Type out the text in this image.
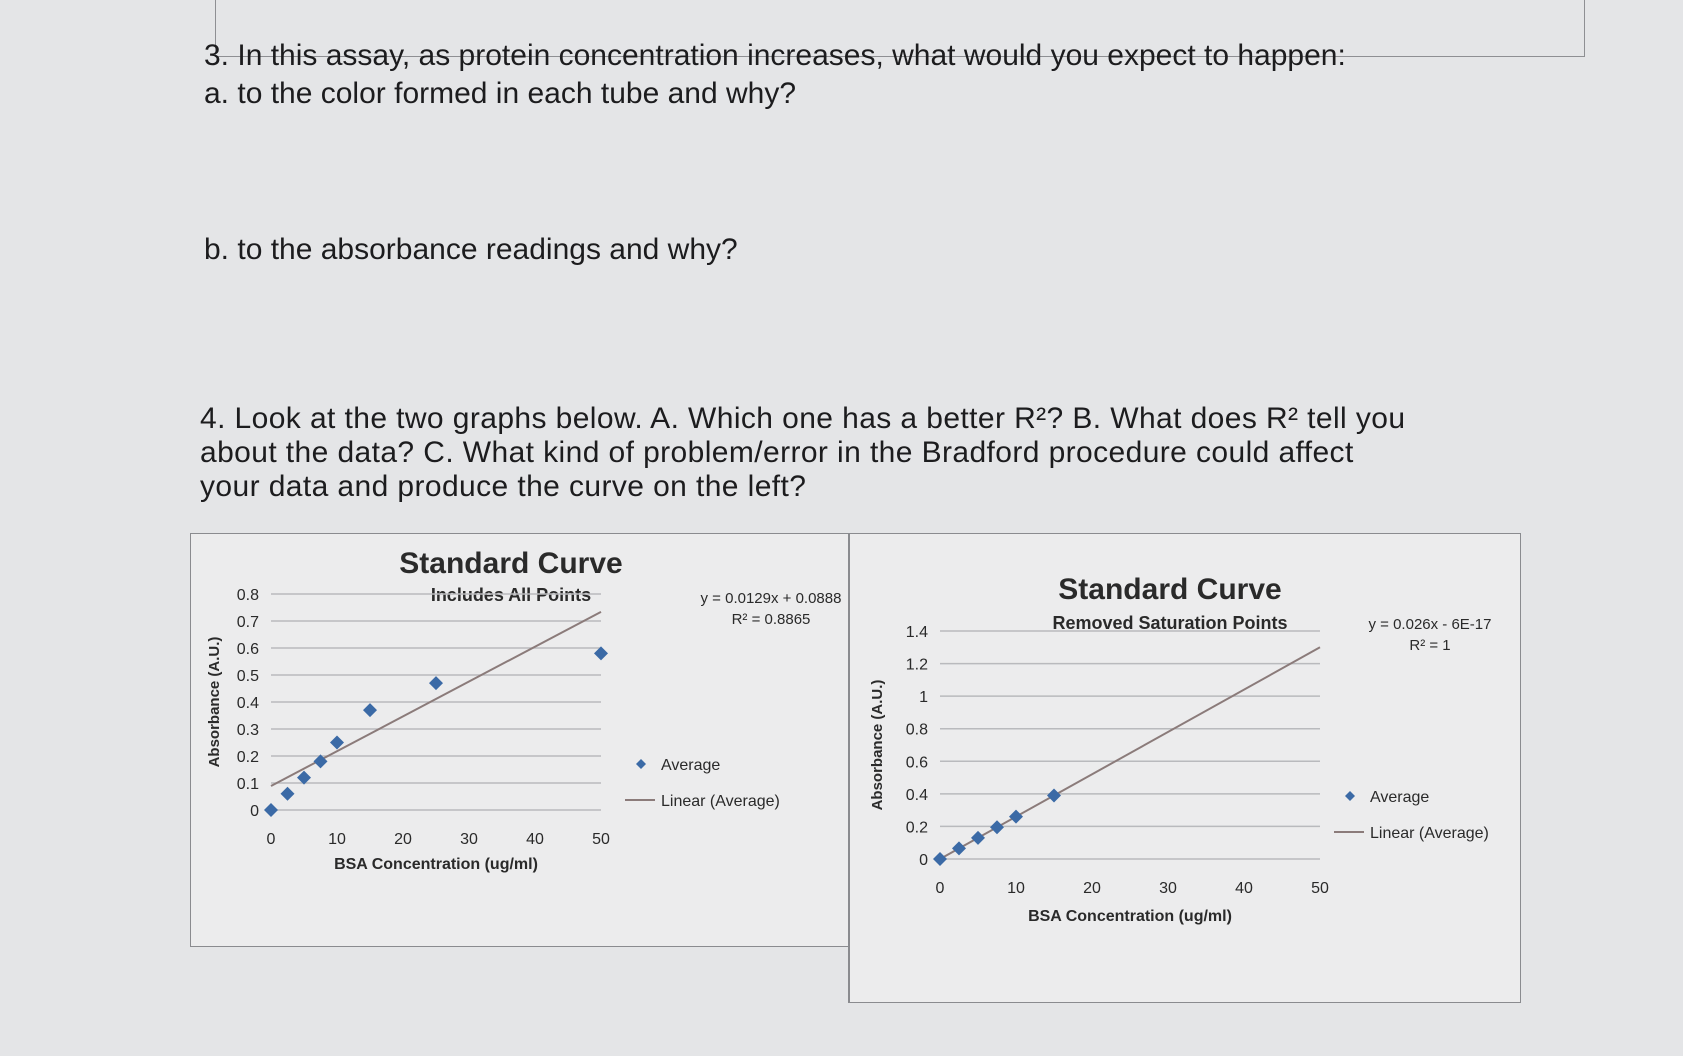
3. In this assay, as protein concentration increases, what would you expect to happen:
a. to the color formed in each tube and why?
b. to the absorbance readings and why?
4. Look at the two graphs below. A. Which one has a better R²? B. What does R² tell you
about the data? C. What kind of problem/error in the Bradford procedure could affect
your data and produce the curve on the left?
Standard Curve
Includes All Points
0
0.1
0.2
0.3
0.4
0.5
0.6
0.7
0.8
0	10	20	30	40	50
BSA Concentration (ug/ml)
Absorbance (A.U.)
y = 0.0129x + 0.0888
R² = 0.8865
Average
Linear (Average)
Standard Curve
Removed Saturation Points
0
0.2
0.4
0.6
0.8
1
1.2
1.4
0	10	20	30	40	50
BSA Concentration (ug/ml)
Absorbance (A.U.)
y = 0.026x - 6E-17
R² = 1
Average
Linear (Average)
